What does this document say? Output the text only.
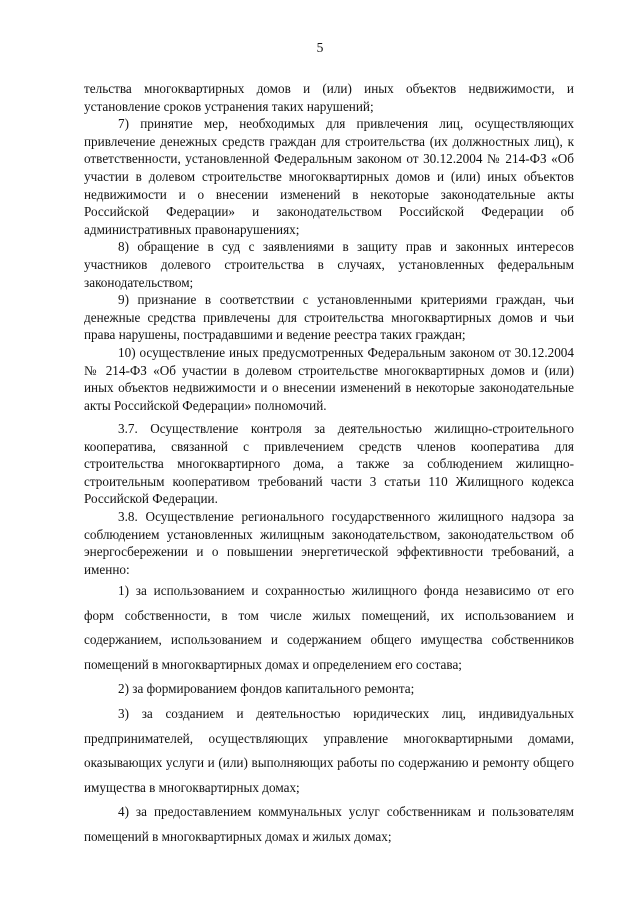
5

тельства многоквартирных домов и (или) иных объектов недвижимости, и установление сроков устранения таких нарушений;

7) принятие мер, необходимых для привлечения лиц, осуществляющих привлечение денежных средств граждан для строительства (их должностных лиц), к ответственности, установленной Федеральным законом от 30.12.2004 № 214-ФЗ «Об участии в долевом строительстве многоквартирных домов и (или) иных объектов недвижимости и о внесении изменений в некоторые законодательные акты Российской Федерации» и законодательством Российской Федерации об административных правонарушениях;

8) обращение в суд с заявлениями в защиту прав и законных интересов участников долевого строительства в случаях, установленных федеральным законодательством;

9) признание в соответствии с установленными критериями граждан, чьи денежные средства привлечены для строительства многоквартирных домов и чьи права нарушены, пострадавшими и ведение реестра таких граждан;

10) осуществление иных предусмотренных Федеральным законом от 30.12.2004 № 214-ФЗ «Об участии в долевом строительстве многоквартирных домов и (или) иных объектов недвижимости и о внесении изменений в некоторые законодательные акты Российской Федерации» полномочий.

3.7. Осуществление контроля за деятельностью жилищно-строительного кооператива, связанной с привлечением средств членов кооператива для строительства многоквартирного дома, а также за соблюдением жилищно-строительным кооперативом требований части 3 статьи 110 Жилищного кодекса Российской Федерации.

3.8. Осуществление регионального государственного жилищного надзора за соблюдением установленных жилищным законодательством, законодательством об энергосбережении и о повышении энергетической эффективности требований, а именно:

1) за использованием и сохранностью жилищного фонда независимо от его форм собственности, в том числе жилых помещений, их использованием и содержанием, использованием и содержанием общего имущества собственников помещений в многоквартирных домах и определением его состава;

2) за формированием фондов капитального ремонта;

3) за созданием и деятельностью юридических лиц, индивидуальных предпринимателей, осуществляющих управление многоквартирными домами, оказывающих услуги и (или) выполняющих работы по содержанию и ремонту общего имущества в многоквартирных домах;

4) за предоставлением коммунальных услуг собственникам и пользователям помещений в многоквартирных домах и жилых домах;
